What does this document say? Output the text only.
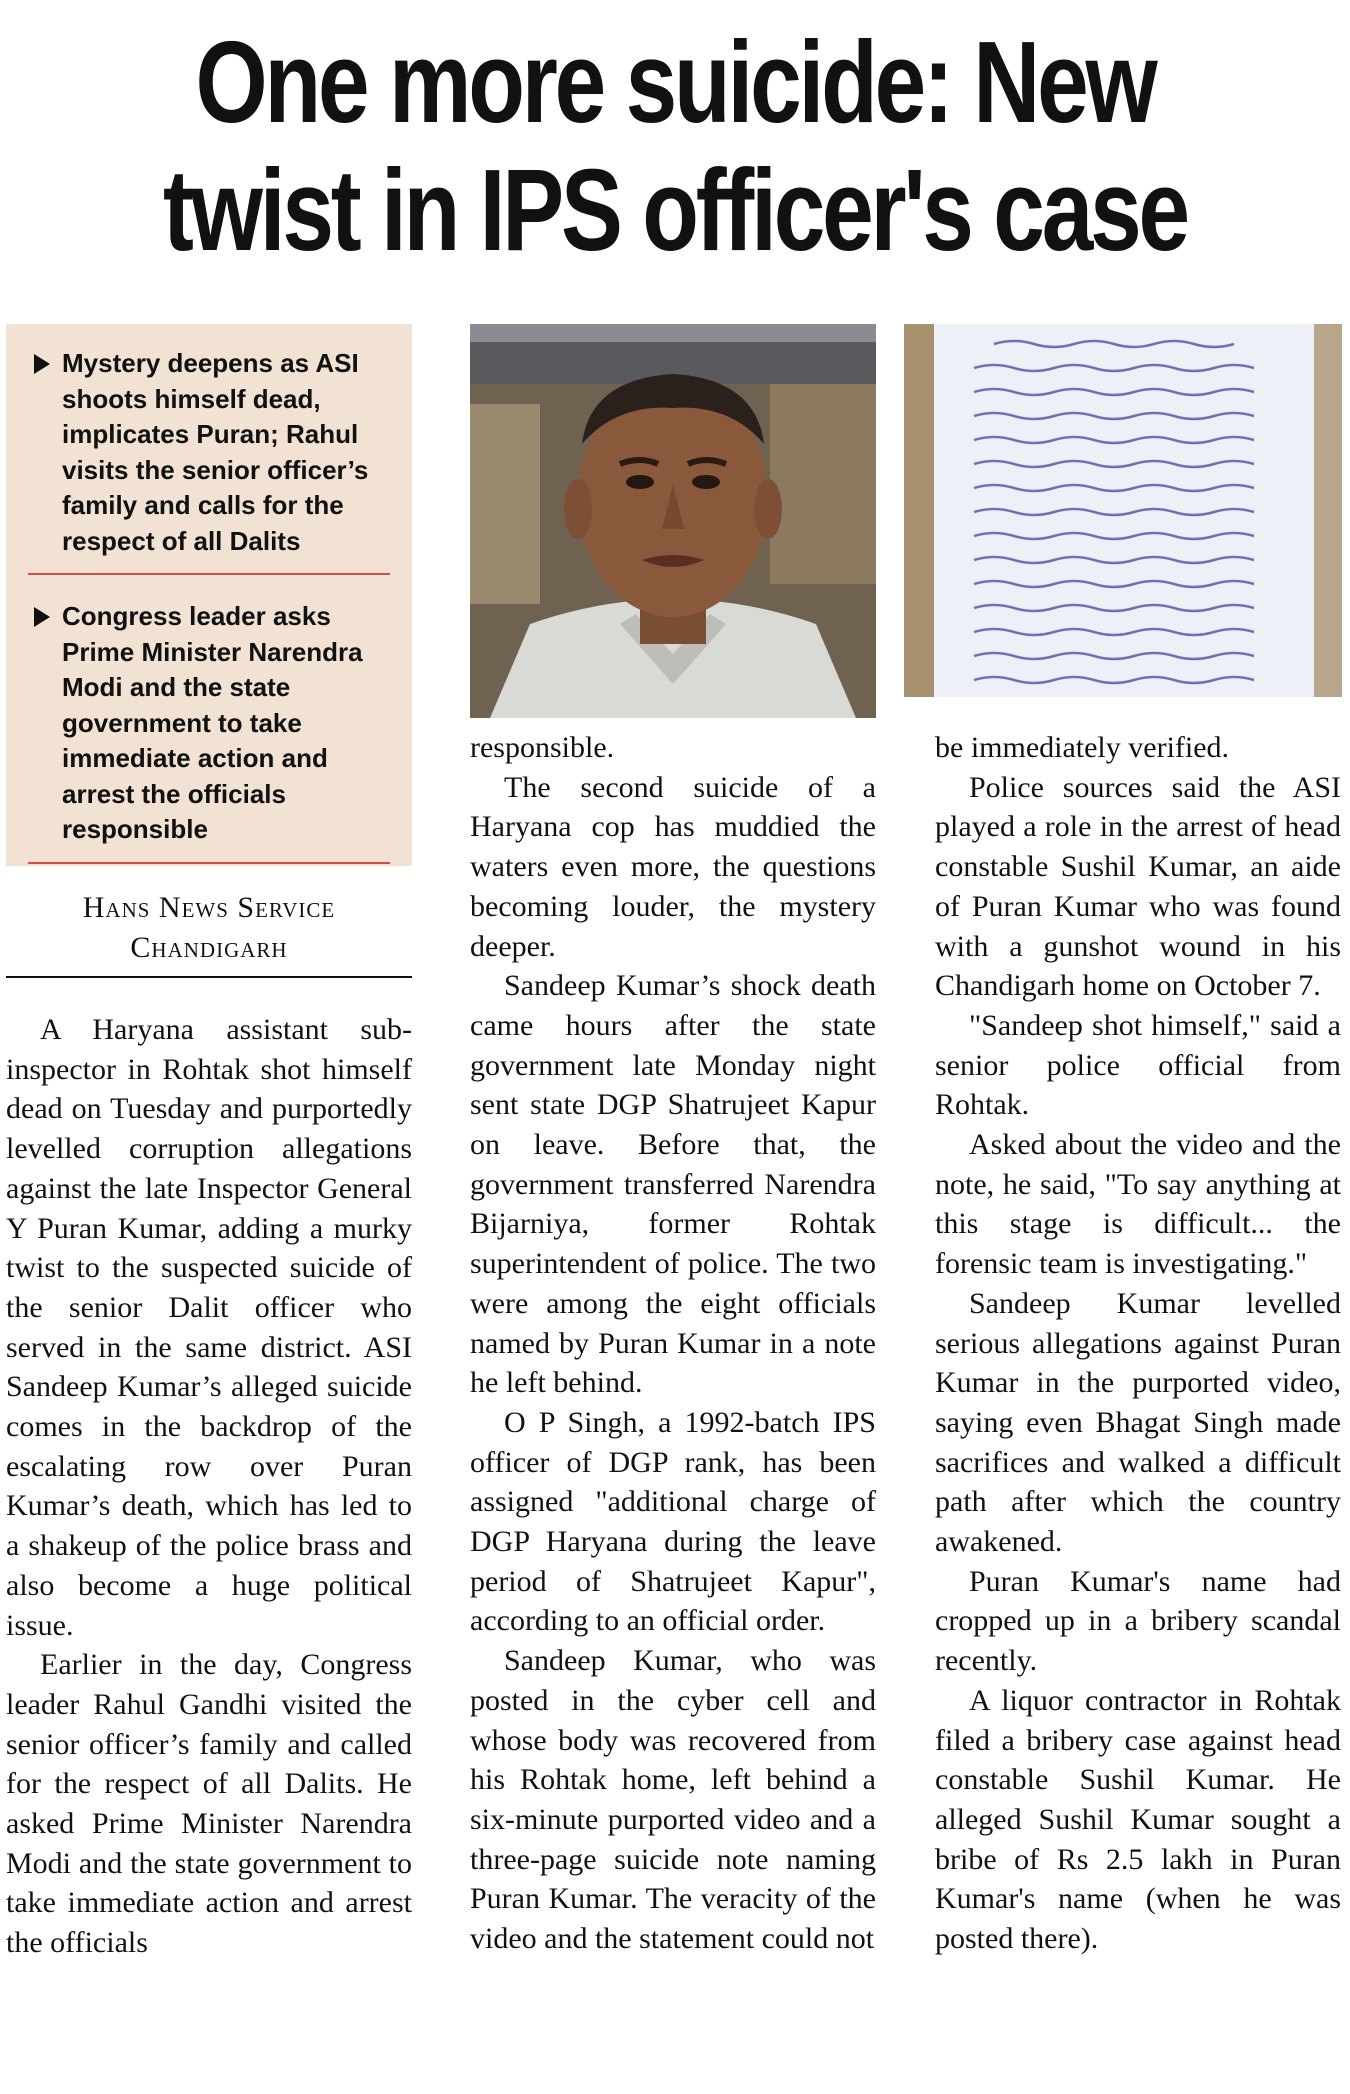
One more suicide: New
twist in IPS officer's case
Mystery deepens as ASI shoots himself dead, implicates Puran; Rahul visits the senior officer’s family and calls for the respect of all Dalits
Congress leader asks Prime Minister Narendra Modi and the state government to take immediate action and arrest the officials responsible
Hans News Service
Chandigarh

A Haryana assistant sub-inspector in Rohtak shot himself dead on Tuesday and purportedly levelled corruption allegations against the late Inspector General Y Puran Kumar, adding a murky twist to the suspected suicide of the senior Dalit officer who served in the same district. ASI Sandeep Kumar’s alleged suicide comes in the backdrop of the escalating row over Puran Kumar’s death, which has led to a shakeup of the police brass and also become a huge political issue.

Earlier in the day, Congress leader Rahul Gandhi visited the senior officer’s family and called for the respect of all Dalits. He asked Prime Minister Narendra Modi and the state government to take immediate action and arrest the officials

responsible.

The second suicide of a Haryana cop has muddied the waters even more, the questions becoming louder, the mystery deeper.

Sandeep Kumar’s shock death came hours after the state government late Monday night sent state DGP Shatrujeet Kapur on leave. Before that, the government transferred Narendra Bijarniya, former Rohtak superintendent of police. The two were among the eight officials named by Puran Kumar in a note he left behind.

O P Singh, a 1992-batch IPS officer of DGP rank, has been assigned "additional charge of DGP Haryana during the leave period of Shatrujeet Kapur", according to an official order.

Sandeep Kumar, who was posted in the cyber cell and whose body was recovered from his Rohtak home, left behind a six-minute purported video and a three-page suicide note naming Puran Kumar. The veracity of the video and the statement could not

be immediately verified.

Police sources said the ASI played a role in the arrest of head constable Sushil Kumar, an aide of Puran Kumar who was found with a gunshot wound in his Chandigarh home on October 7.

"Sandeep shot himself," said a senior police official from Rohtak.

Asked about the video and the note, he said, "To say anything at this stage is difficult... the forensic team is investigating."

Sandeep Kumar levelled serious allegations against Puran Kumar in the purported video, saying even Bhagat Singh made sacrifices and walked a difficult path after which the country awakened.

Puran Kumar's name had cropped up in a bribery scandal recently.

A liquor contractor in Rohtak filed a bribery case against head constable Sushil Kumar. He alleged Sushil Kumar sought a bribe of Rs 2.5 lakh in Puran Kumar's name (when he was posted there).
